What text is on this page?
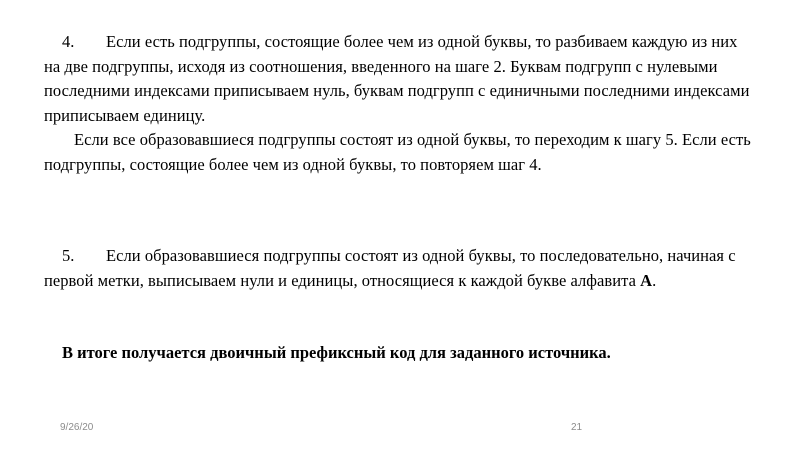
4. Если есть подгруппы, состоящие более чем из одной буквы, то разбиваем каждую из них на две подгруппы, исходя из соотношения, введенного на шаге 2. Буквам подгрупп с нулевыми последними индексами приписываем нуль, буквам подгрупп с единичными последними индексами приписываем единицу.

Если все образовавшиеся подгруппы состоят из одной буквы, то переходим к шагу 5. Если есть подгруппы, состоящие более чем из одной буквы, то повторяем шаг 4.

5. Если образовавшиеся подгруппы состоят из одной буквы, то последовательно, начиная с первой метки, выписываем нули и единицы, относящиеся к каждой букве алфавита А.

В итоге получается двоичный префиксный код для заданного источника.
9/26/20	21
